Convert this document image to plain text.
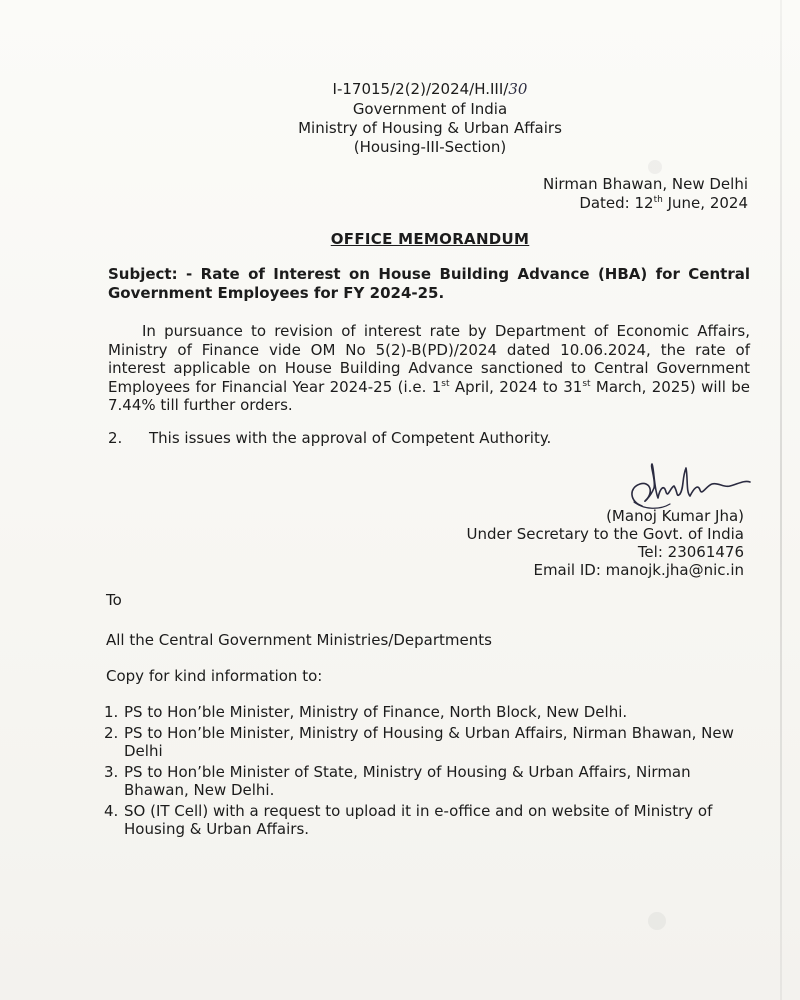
I-17015/2(2)/2024/H.III/30
Government of India
Ministry of Housing & Urban Affairs
(Housing-III-Section)
Nirman Bhawan, New Delhi
Dated: 12th June, 2024
OFFICE MEMORANDUM
Subject: - Rate of Interest on House Building Advance (HBA) for Central Government Employees for FY 2024-25.
In pursuance to revision of interest rate by Department of Economic Affairs, Ministry of Finance vide OM No 5(2)-B(PD)/2024 dated 10.06.2024, the rate of interest applicable on House Building Advance sanctioned to Central Government Employees for Financial Year 2024-25 (i.e. 1st April, 2024 to 31st March, 2025) will be 7.44% till further orders.
2. This issues with the approval of Competent Authority.
(Manoj Kumar Jha)
Under Secretary to the Govt. of India
Tel: 23061476
Email ID: manojk.jha@nic.in
To
All the Central Government Ministries/Departments
Copy for kind information to:
1. PS to Hon’ble Minister, Ministry of Finance, North Block, New Delhi.
2. PS to Hon’ble Minister, Ministry of Housing & Urban Affairs, Nirman Bhawan, New Delhi
3. PS to Hon’ble Minister of State, Ministry of Housing & Urban Affairs, Nirman Bhawan, New Delhi.
4. SO (IT Cell) with a request to upload it in e-office and on website of Ministry of Housing & Urban Affairs.
